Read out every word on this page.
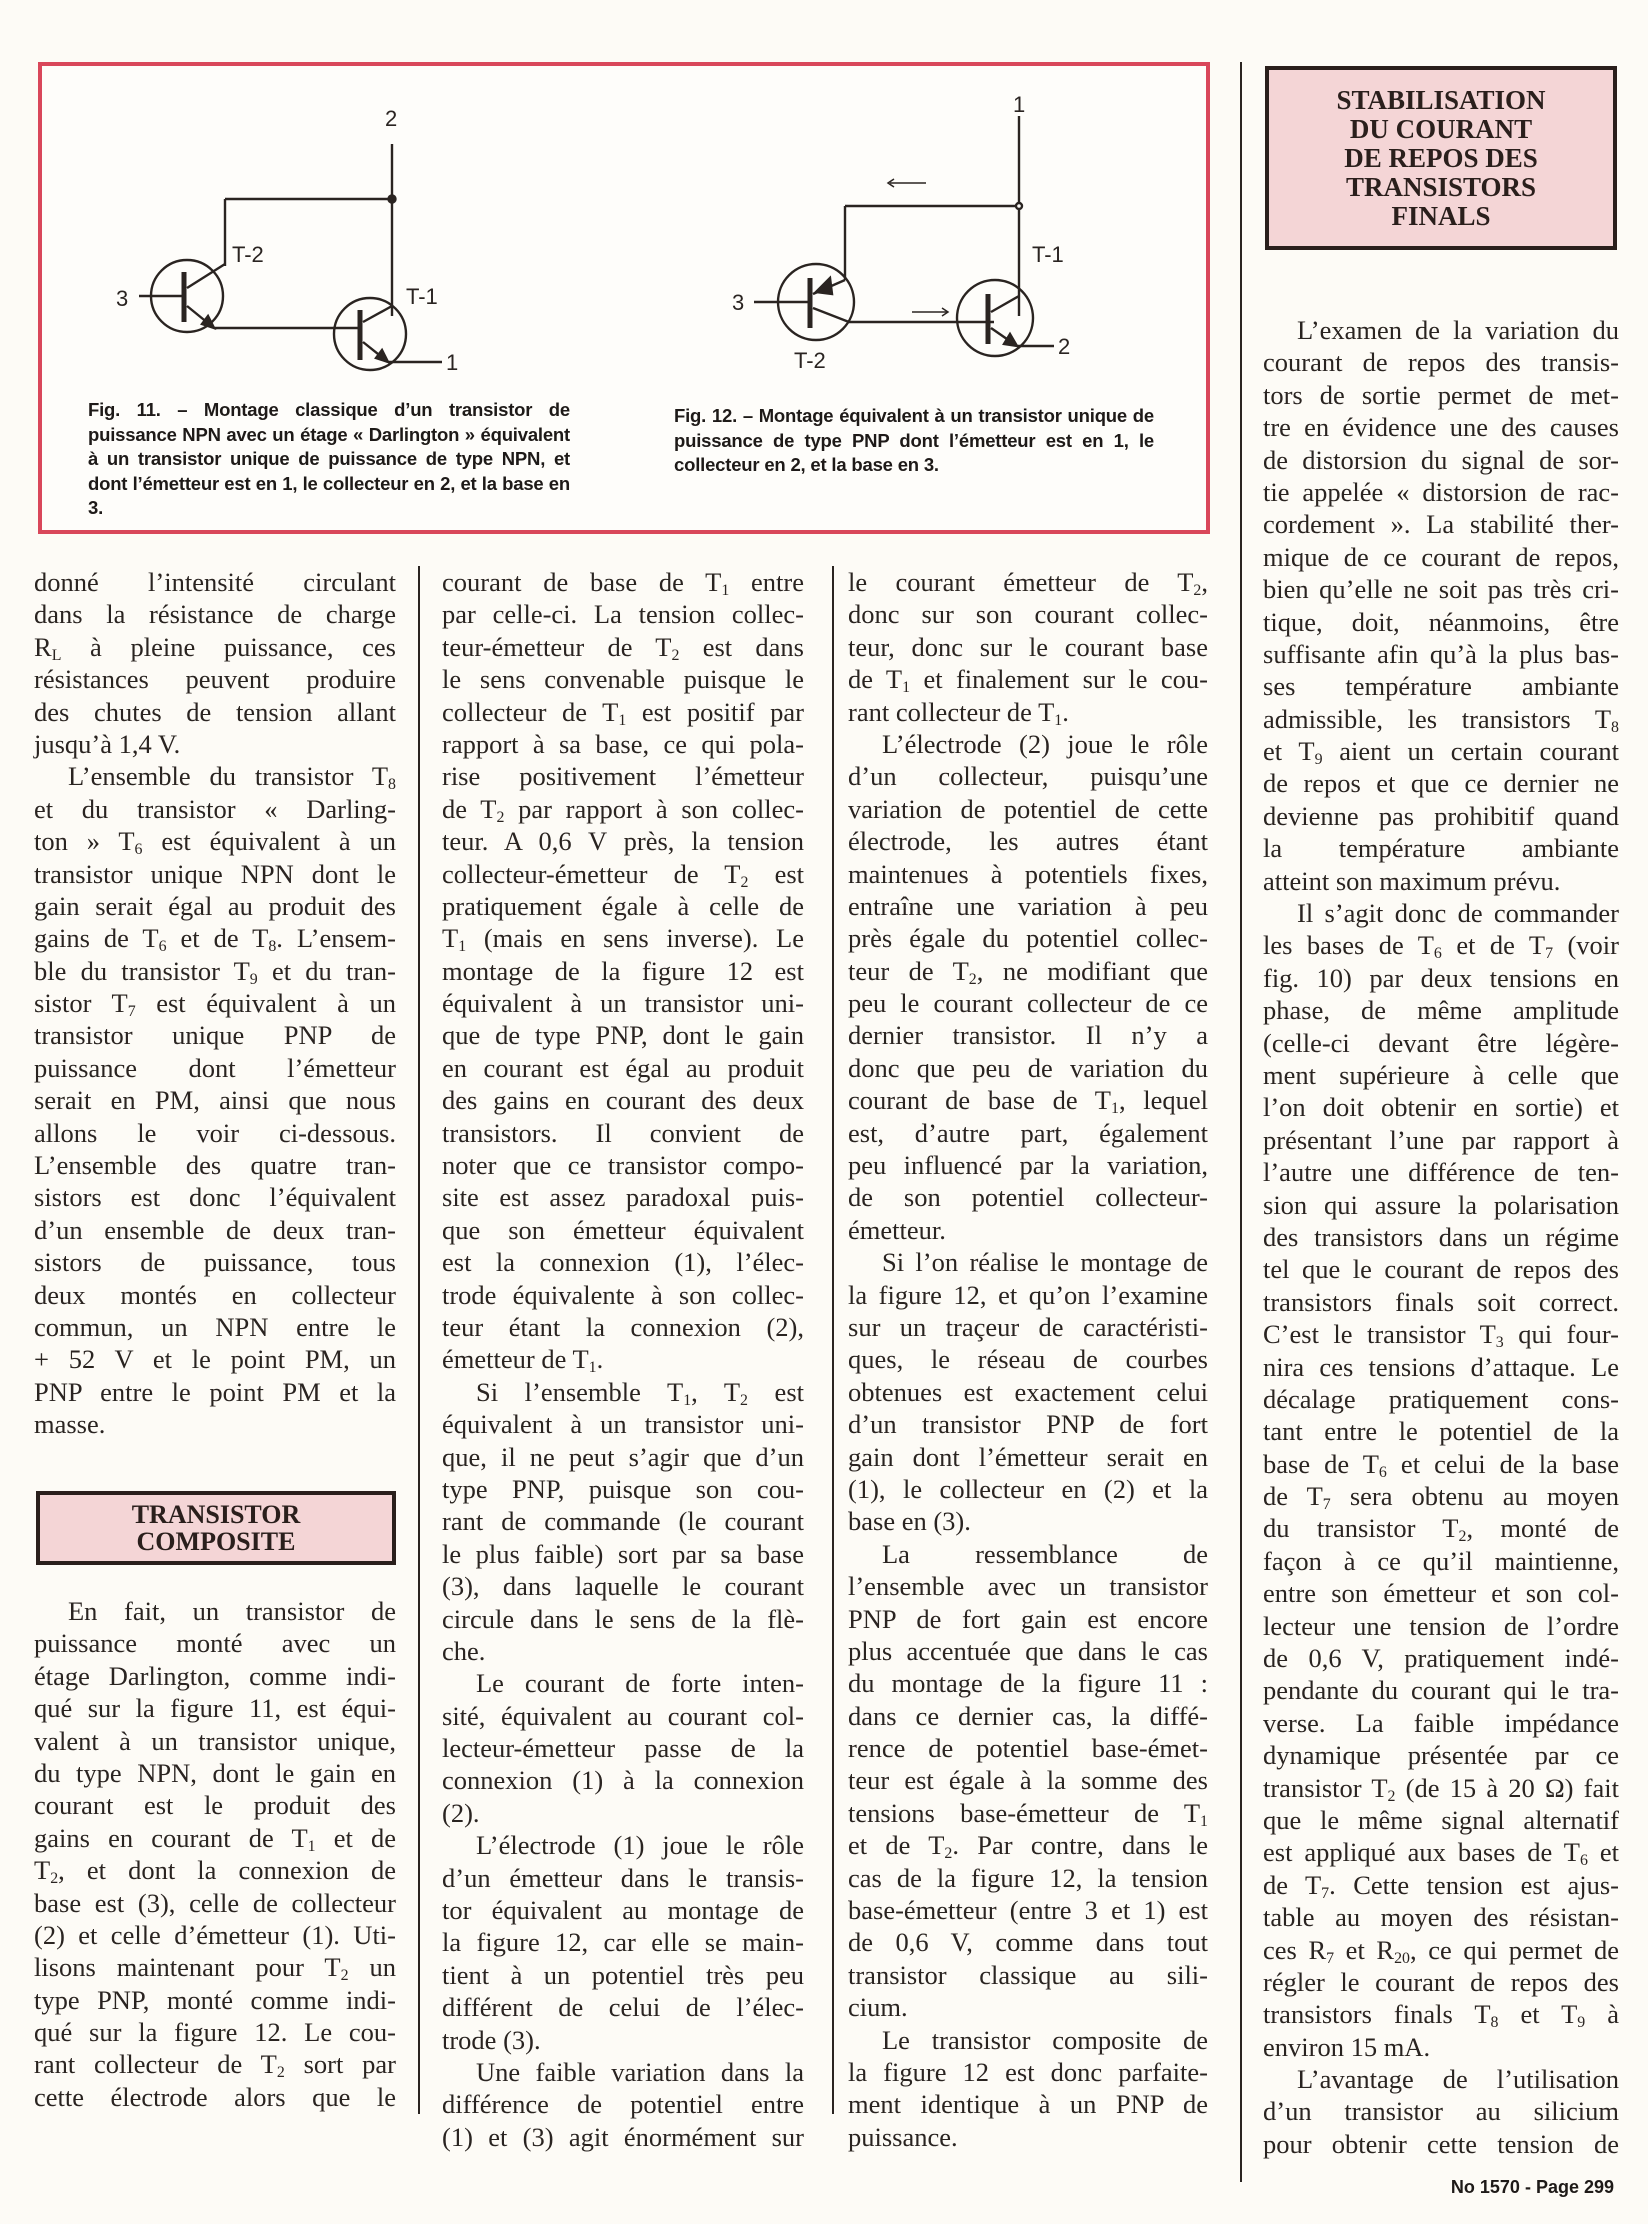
2
T-2
T-1
3
1
1
T-1
3
2
T-2
Fig. 11. – Montage classique d’un transistor de puissance NPN avec un étage « Darlington » équivalent à un transistor unique de puissance de type NPN, et dont l’émetteur est en 1, le collecteur en 2, et la base en 3.
Fig. 12. – Montage équivalent à un transistor unique de puissance de type PNP dont l’émetteur est en 1, le collecteur en 2, et la base en 3.
STABILISATION
DU COURANT
DE REPOS DES
TRANSISTORS
FINALS
TRANSISTOR
COMPOSITE
donné l’intensité circulant
dans la résistance de charge
$R_L$ à pleine puissance, ces
résistances peuvent produire
des chutes de tension allant
jusqu’à 1,4 V.
L’ensemble du transistor $T_8$
et du transistor « Darling-
ton » $T_6$ est équivalent à un
transistor unique NPN dont le
gain serait égal au produit des
gains de $T_6$ et de $T_8$. L’ensem-
ble du transistor $T_9$ et du tran-
sistor $T_7$ est équivalent à un
transistor unique PNP de
puissance dont l’émetteur
serait en PM, ainsi que nous
allons le voir ci-dessous.
L’ensemble des quatre tran-
sistors est donc l’équivalent
d’un ensemble de deux tran-
sistors de puissance, tous
deux montés en collecteur
commun, un NPN entre le
+ 52 V et le point PM, un
PNP entre le point PM et la
masse.
En fait, un transistor de
puissance monté avec un
étage Darlington, comme indi-
qué sur la figure 11, est équi-
valent à un transistor unique,
du type NPN, dont le gain en
courant est le produit des
gains en courant de $T_1$ et de
$T_2$, et dont la connexion de
base est (3), celle de collecteur
(2) et celle d’émetteur (1). Uti-
lisons maintenant pour $T_2$ un
type PNP, monté comme indi-
qué sur la figure 12. Le cou-
rant collecteur de $T_2$ sort par
cette électrode alors que le
courant de base de $T_1$ entre
par celle-ci. La tension collec-
teur-émetteur de $T_2$ est dans
le sens convenable puisque le
collecteur de $T_1$ est positif par
rapport à sa base, ce qui pola-
rise positivement l’émetteur
de $T_2$ par rapport à son collec-
teur. A 0,6 V près, la tension
collecteur-émetteur de $T_2$ est
pratiquement égale à celle de
$T_1$ (mais en sens inverse). Le
montage de la figure 12 est
équivalent à un transistor uni-
que de type PNP, dont le gain
en courant est égal au produit
des gains en courant des deux
transistors. Il convient de
noter que ce transistor compo-
site est assez paradoxal puis-
que son émetteur équivalent
est la connexion (1), l’élec-
trode équivalente à son collec-
teur étant la connexion (2),
émetteur de $T_1$.
Si l’ensemble $T_1$, $T_2$ est
équivalent à un transistor uni-
que, il ne peut s’agir que d’un
type PNP, puisque son cou-
rant de commande (le courant
le plus faible) sort par sa base
(3), dans laquelle le courant
circule dans le sens de la flè-
che.
Le courant de forte inten-
sité, équivalent au courant col-
lecteur-émetteur passe de la
connexion (1) à la connexion
(2).
L’électrode (1) joue le rôle
d’un émetteur dans le transis-
tor équivalent au montage de
la figure 12, car elle se main-
tient à un potentiel très peu
différent de celui de l’élec-
trode (3).
Une faible variation dans la
différence de potentiel entre
(1) et (3) agit énormément sur
le courant émetteur de $T_2$,
donc sur son courant collec-
teur, donc sur le courant base
de $T_1$ et finalement sur le cou-
rant collecteur de $T_1$.
L’électrode (2) joue le rôle
d’un collecteur, puisqu’une
variation de potentiel de cette
électrode, les autres étant
maintenues à potentiels fixes,
entraîne une variation à peu
près égale du potentiel collec-
teur de $T_2$, ne modifiant que
peu le courant collecteur de ce
dernier transistor. Il n’y a
donc que peu de variation du
courant de base de $T_1$, lequel
est, d’autre part, également
peu influencé par la variation,
de son potentiel collecteur-
émetteur.
Si l’on réalise le montage de
la figure 12, et qu’on l’examine
sur un traçeur de caractéristi-
ques, le réseau de courbes
obtenues est exactement celui
d’un transistor PNP de fort
gain dont l’émetteur serait en
(1), le collecteur en (2) et la
base en (3).
La ressemblance de
l’ensemble avec un transistor
PNP de fort gain est encore
plus accentuée que dans le cas
du montage de la figure 11 :
dans ce dernier cas, la diffé-
rence de potentiel base-émet-
teur est égale à la somme des
tensions base-émetteur de $T_1$
et de $T_2$. Par contre, dans le
cas de la figure 12, la tension
base-émetteur (entre 3 et 1) est
de 0,6 V, comme dans tout
transistor classique au sili-
cium.
Le transistor composite de
la figure 12 est donc parfaite-
ment identique à un PNP de
puissance.
L’examen de la variation du
courant de repos des transis-
tors de sortie permet de met-
tre en évidence une des causes
de distorsion du signal de sor-
tie appelée « distorsion de rac-
cordement ». La stabilité ther-
mique de ce courant de repos,
bien qu’elle ne soit pas très cri-
tique, doit, néanmoins, être
suffisante afin qu’à la plus bas-
ses température ambiante
admissible, les transistors $T_8$
et $T_9$ aient un certain courant
de repos et que ce dernier ne
devienne pas prohibitif quand
la température ambiante
atteint son maximum prévu.
Il s’agit donc de commander
les bases de $T_6$ et de $T_7$ (voir
fig. 10) par deux tensions en
phase, de même amplitude
(celle-ci devant être légère-
ment supérieure à celle que
l’on doit obtenir en sortie) et
présentant l’une par rapport à
l’autre une différence de ten-
sion qui assure la polarisation
des transistors dans un régime
tel que le courant de repos des
transistors finals soit correct.
C’est le transistor $T_3$ qui four-
nira ces tensions d’attaque. Le
décalage pratiquement cons-
tant entre le potentiel de la
base de $T_6$ et celui de la base
de $T_7$ sera obtenu au moyen
du transistor $T_2$, monté de
façon à ce qu’il maintienne,
entre son émetteur et son col-
lecteur une tension de l’ordre
de 0,6 V, pratiquement indé-
pendante du courant qui le tra-
verse. La faible impédance
dynamique présentée par ce
transistor $T_2$ (de 15 à 20 Ω) fait
que le même signal alternatif
est appliqué aux bases de $T_6$ et
de $T_7$. Cette tension est ajus-
table au moyen des résistan-
ces $R_7$ et $R_{20}$, ce qui permet de
régler le courant de repos des
transistors finals $T_8$ et $T_9$ à
environ 15 mA.
L’avantage de l’utilisation
d’un transistor au silicium
pour obtenir cette tension de
No 1570 - Page 299
